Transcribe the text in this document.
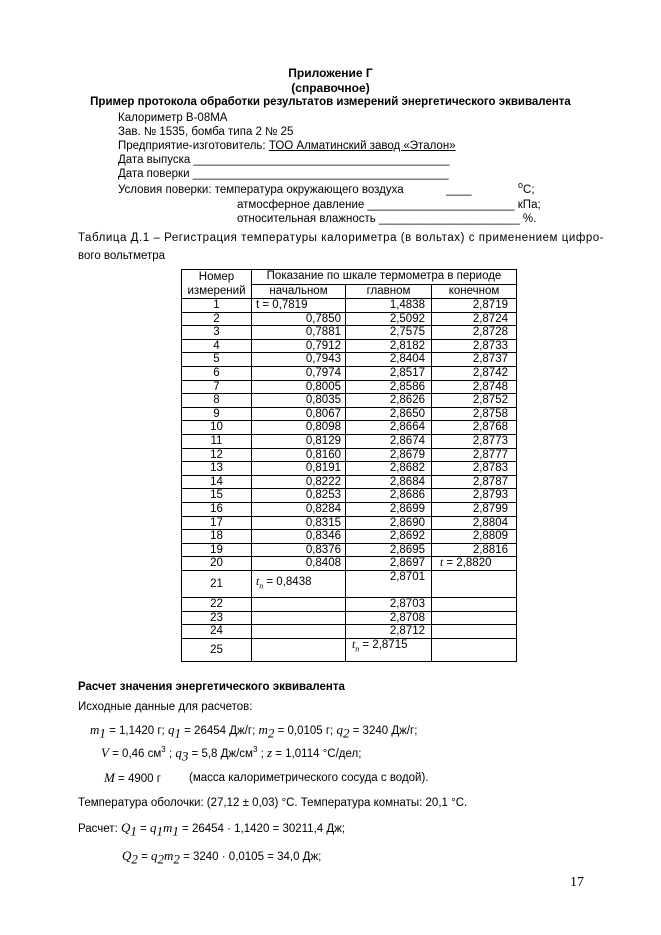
Приложение Г
(справочное)
Пример протокола обработки результатов измерений энергетического эквивалента
Калориметр В-08МА
Зав. № 1535, бомба типа 2 № 25
Предприятие-изготовитель: ТОО Алматинский завод «Эталон»
Дата выпуска ________________________________________
Дата поверки ________________________________________
Условия поверки: температура окружающего воздуха	____	$^о$С;
атмосферное давление _______________________ кПа;
относительная влажность ______________________ %.
Таблица Д.1 – Регистрация температуры калориметра (в вольтах) с применением цифро-
вого вольтметра
Номер
измерений	Показание по шкале термометра в периоде		
	начальном	главном	конечном
1	t = 0,7819	1,4838	2,8719
2	0,7850	2,5092	2,8724
3	0,7881	2,7575	2,8728
4	0,7912	2,8182	2,8733
5	0,7943	2,8404	2,8737
6	0,7974	2,8517	2,8742
7	0,8005	2,8586	2,8748
8	0,8035	2,8626	2,8752
9	0,8067	2,8650	2,8758
10	0,8098	2,8664	2,8768
11	0,8129	2,8674	2,8773
12	0,8160	2,8679	2,8777
13	0,8191	2,8682	2,8783
14	0,8222	2,8684	2,8787
15	0,8253	2,8686	2,8793
16	0,8284	2,8699	2,8799
17	0,8315	2,8690	2,8804
18	0,8346	2,8692	2,8809
19	0,8376	2,8695	2,8816
20	0,8408	2,8697	t = 2,8820
21	$t_n = 0,8438$	2,8701	
22		2,8703	
23		2,8708	
24		2,8712	
25		$t_n = 2,8715$	
Расчет значения энергетического эквивалента
Исходные данные для расчетов:
$m_1 = 1,1420$ г; $q_1 = 26454$ Дж/г; $m_2 = 0,0105$ г; $q_2 = 3240$ Дж/г;
V = 0,46 $см^3$ ; $q_3 = 5,8$ $Дж/см^3$ ; z = 1,0114 °С/дел;
M = 4900 г (масса калориметрического сосуда с водой).
Температура оболочки: (27,12 ± 0,03) °С. Температура комнаты: 20,1 °С.
Расчет: $Q_1 = q_1m_1 = 26454 \cdot 1,1420 = 30211,4$ Дж;
$Q_2 = q_2m_2 = 3240 \cdot 0,0105 = 34,0$ Дж;
17
